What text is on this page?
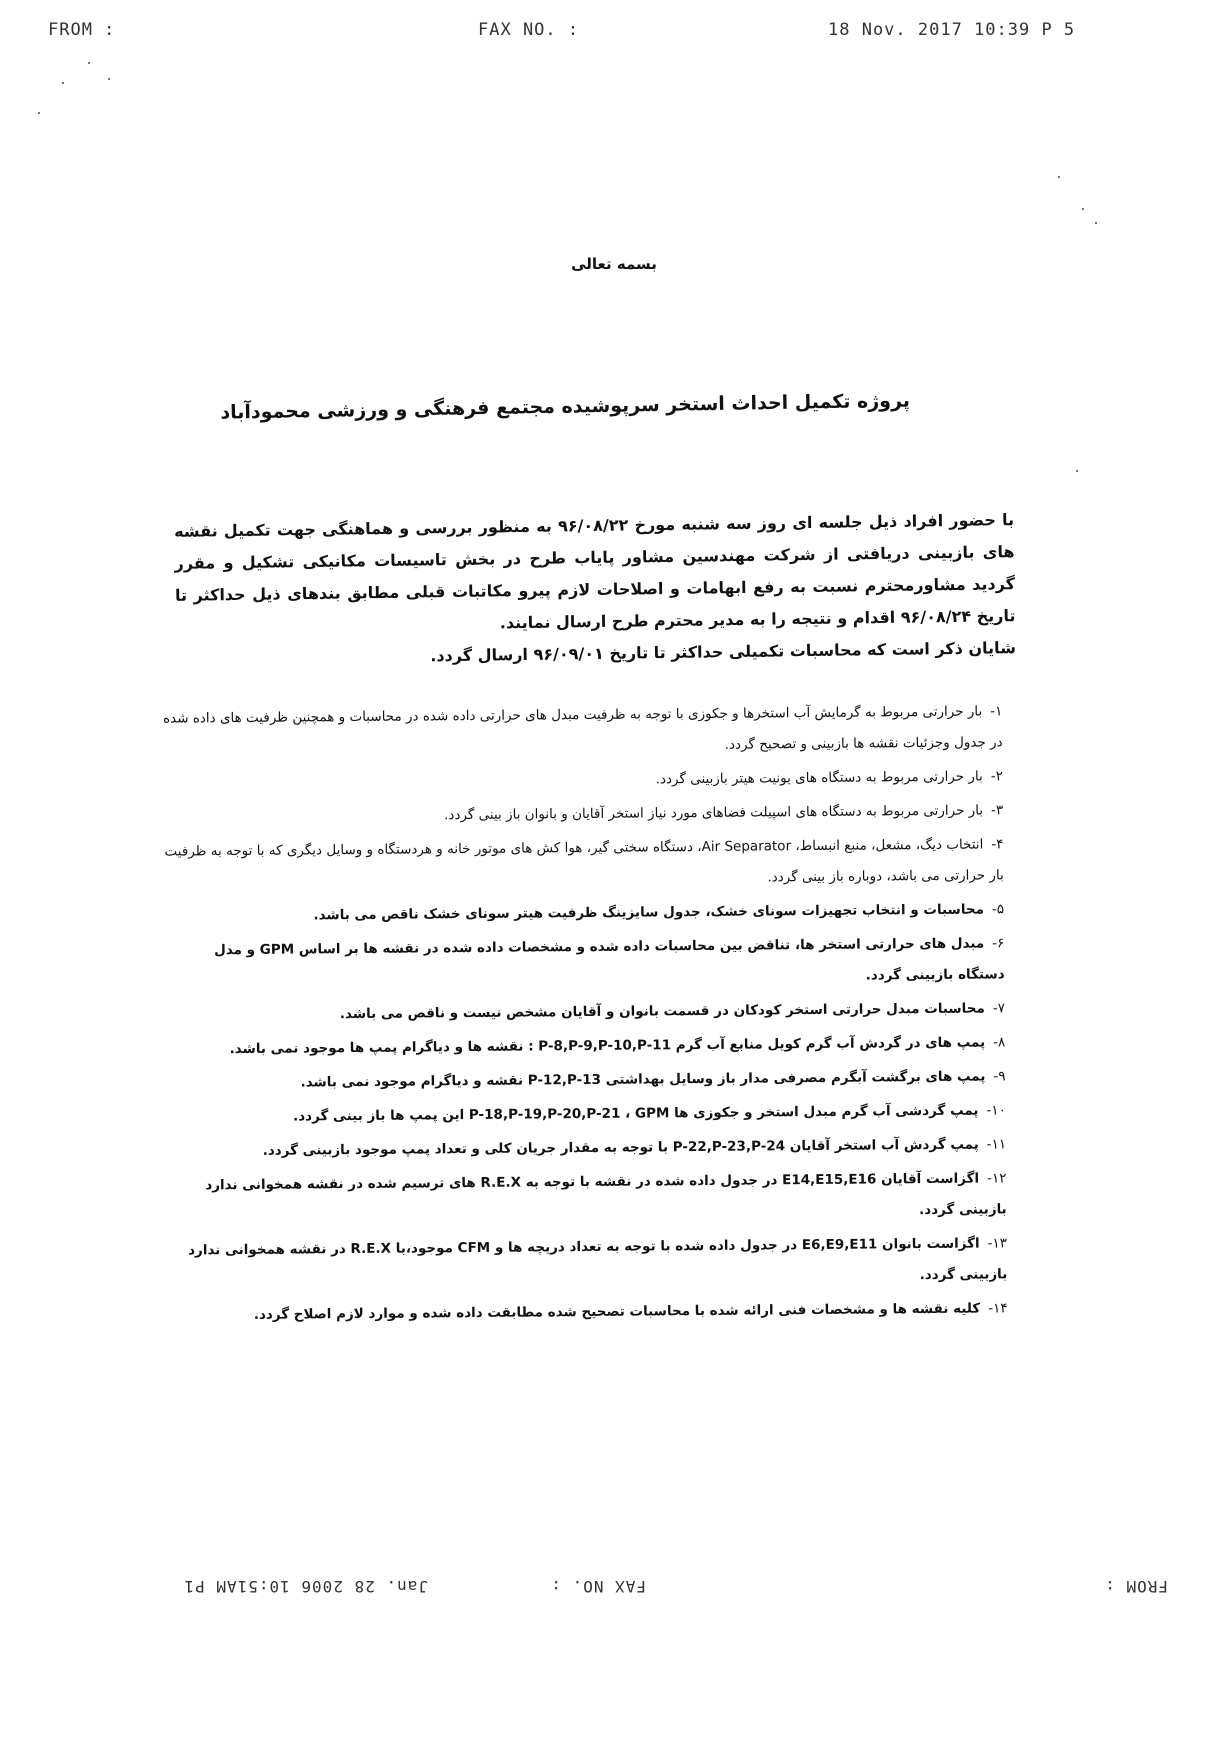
FROM :	FAX NO. :	18 Nov. 2017 10:39 P 5
بسمه تعالی
پروژه تکمیل احداث استخر سرپوشیده مجتمع فرهنگی و ورزشی محمودآباد

با حضور افراد ذیل جلسه ای روز سه شنبه مورخ ۹۶/۰۸/۲۲ به منظور بررسی و هماهنگی جهت تکمیل نقشه های بازبینی دریافتی از شرکت مهندسین مشاور پایاب طرح در بخش تاسیسات مکانیکی تشکیل و مقرر گردید مشاورمحترم نسبت به رفع ابهامات و اصلاحات لازم پیرو مکاتبات قبلی مطابق بندهای ذیل حداکثر تا تاریخ ۹۶/۰۸/۲۴ اقدام و نتیجه را به مدیر محترم طرح ارسال نمایند.

شایان ذکر است که محاسبات تکمیلی حداکثر تا تاریخ ۹۶/۰۹/۰۱ ارسال گردد.

۱-بار حرارتی مربوط به گرمایش آب استخرها و جکوزی با توجه به ظرفیت مبدل های حرارتی داده شده در محاسبات و همچنین ظرفیت های داده شده در جدول وجزئیات نقشه ها بازبینی و تصحیح گردد.
۲-بار حرارتی مربوط به دستگاه های یونیت هیتر بازبینی گردد.
۳-بار حرارتی مربوط به دستگاه های اسپیلت فضاهای مورد نیاز استخر آقایان و بانوان باز بینی گردد.
۴-انتخاب دیگ، مشعل، منبع انبساط، Air Separator، دستگاه سختی گیر، هوا کش های موتور خانه و هردستگاه و وسایل دیگری که با توجه به ظرفیت بار حرارتی می باشد، دوباره باز بینی گردد.
۵-محاسبات و انتخاب تجهیزات سونای خشک، جدول سایزینگ ظرفیت هیتر سونای خشک ناقص می باشد.
۶-مبدل های حرارتی استخر ها، تناقض بین محاسبات داده شده و مشخصات داده شده در نقشه ها بر اساس GPM و مدل دستگاه بازبینی گردد.
۷-محاسبات مبدل حرارتی استخر کودکان در قسمت بانوان و آقایان مشخص نیست و ناقص می باشد.
۸-پمپ های در گردش آب گرم کویل منابع آب گرم P-8,P-9,P-10,P-11 : نقشه ها و دیاگرام پمپ ها موجود نمی باشد.
۹-پمپ های برگشت آبگرم مصرفی مدار باز وسایل بهداشتی P-12,P-13 نقشه و دیاگرام موجود نمی باشد.
۱۰-پمپ گردشی آب گرم مبدل استخر و جکوزی ها P-18,P-19,P-20,P-21 ، GPM این پمپ ها باز بینی گردد.
۱۱-پمپ گردش آب استخر آقایان P-22,P-23,P-24 با توجه به مقدار جریان کلی و تعداد پمپ موجود بازبینی گردد.
۱۲-اگزاست آقایان E14,E15,E16 در جدول داده شده در نقشه با توجه به R.E.X های ترسیم شده در نقشه همخوانی ندارد بازبینی گردد.
۱۳-اگزاست بانوان E6,E9,E11 در جدول داده شده با توجه به تعداد دریچه ها و CFM موجود،با R.E.X در نقشه همخوانی ندارد بازبینی گردد.
۱۴-کلیه نقشه ها و مشخصات فنی ارائه شده با محاسبات تصحیح شده مطابقت داده شده و موارد لازم اصلاح گردد.
FROM :
FAX NO. :
Jan. 28 2006 10:51AM P1
